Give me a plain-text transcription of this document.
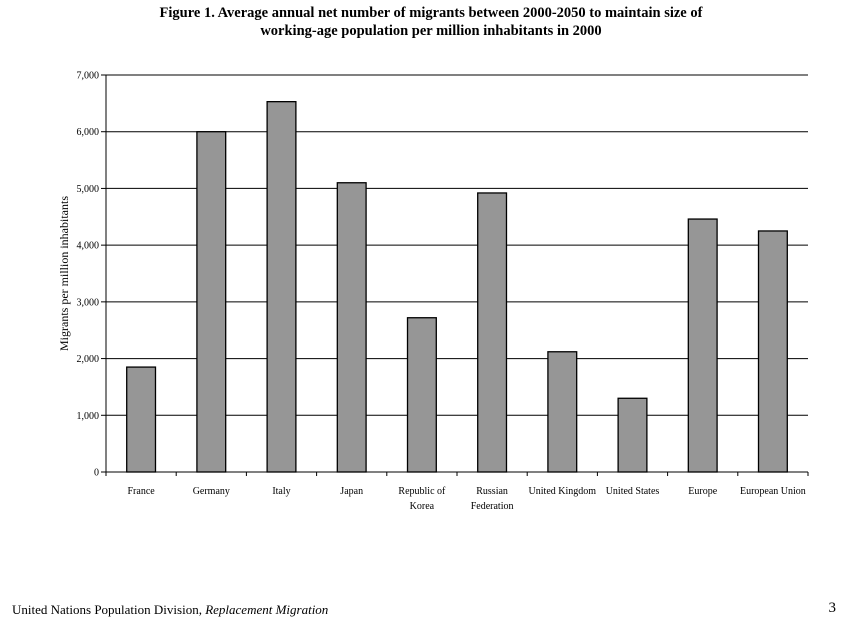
Figure 1. Average annual net number of migrants between 2000-2050 to maintain size of
working-age population per million inhabitants in 2000
0
1,000
2,000
3,000
4,000
5,000
6,000
7,000
Migrants per million inhabitants
France	Germany	Italy	Japan	Republic of Korea
Russian Federation
United Kingdom United States	Europe European Union
United Nations Population Division, Replacement Migration	3
